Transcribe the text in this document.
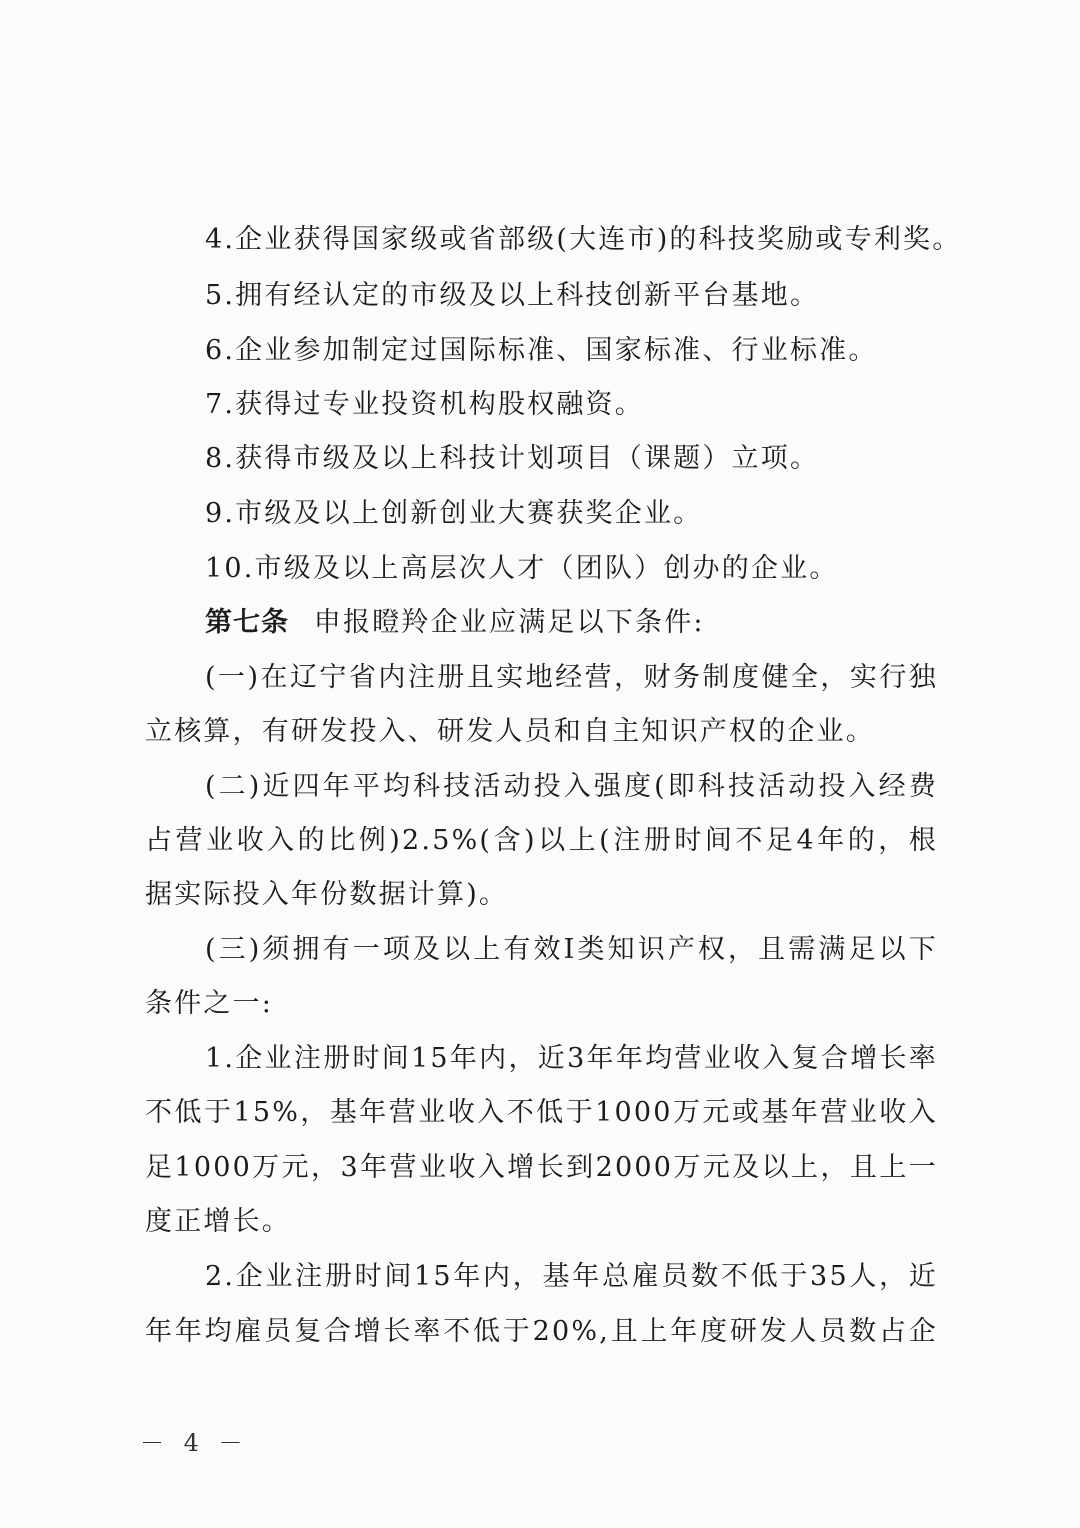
4.企业获得国家级或省部级(大连市)的科技奖励或专利奖。
5.拥有经认定的市级及以上科技创新平台基地。
6.企业参加制定过国际标准、国家标准、行业标准。
7.获得过专业投资机构股权融资。
8.获得市级及以上科技计划项目（课题）立项。
9.市级及以上创新创业大赛获奖企业。
10.市级及以上高层次人才（团队）创办的企业。
第七条 申报瞪羚企业应满足以下条件:
(一)在辽宁省内注册且实地经营，财务制度健全，实行独
立核算，有研发投入、研发人员和自主知识产权的企业。
(二)近四年平均科技活动投入强度(即科技活动投入经费
占营业收入的比例)2.5%(含)以上(注册时间不足4年的，根
据实际投入年份数据计算)。
(三)须拥有一项及以上有效I类知识产权，且需满足以下
条件之一:
1.企业注册时间15年内，近3年年均营业收入复合增长率
不低于15%，基年营业收入不低于1000万元或基年营业收入
足1000万元，3年营业收入增长到2000万元及以上，且上一
度正增长。
2.企业注册时间15年内，基年总雇员数不低于35人，近
年年均雇员复合增长率不低于20%,且上年度研发人员数占企
－ 4 －
